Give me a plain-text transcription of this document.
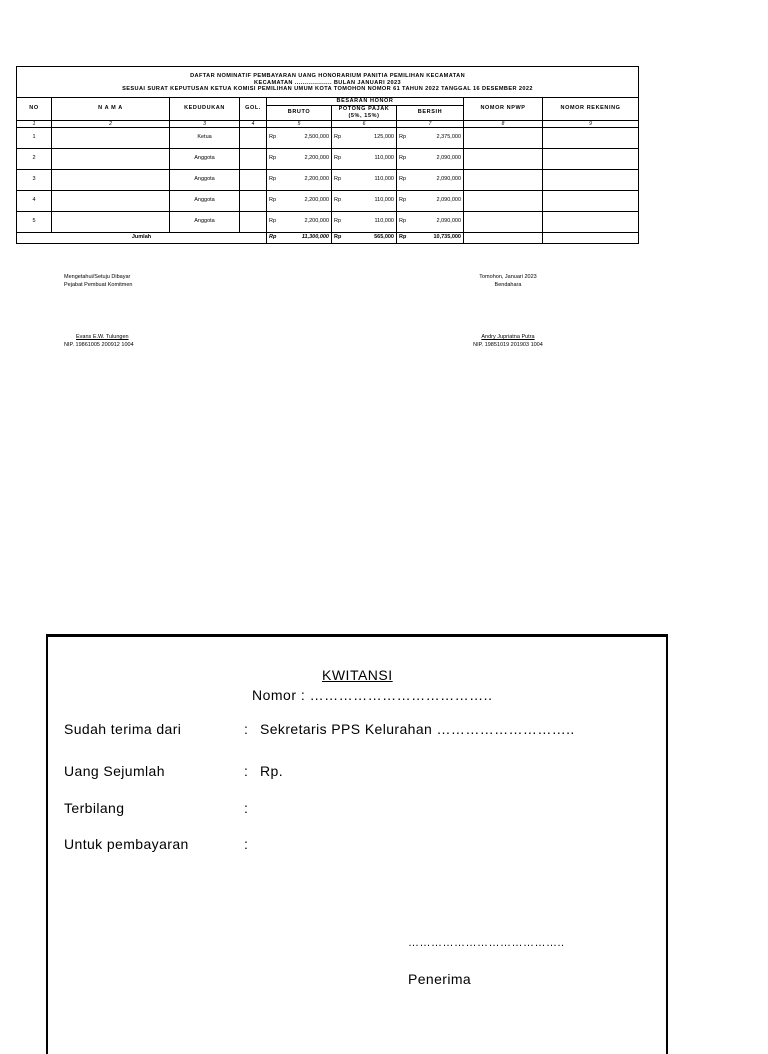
DAFTAR NOMINATIF PEMBAYARAN UANG HONORARIUM PANITIA PEMILIHAN KECAMATAN
KECAMATAN ................... BULAN JANUARI 2023
SESUAI SURAT KEPUTUSAN KETUA KOMISI PEMILIHAN UMUM KOTA TOMOHON NOMOR 61 TAHUN 2022 TANGGAL 16 DESEMBER 2022								

NO	N A M A	KEDUDUKAN	GOL.	BESARAN HONOR			NOMOR NPWP	NOMOR REKENING
				BRUTO	POTONG PAJAK (5%, 15%)	BERSIH		
1	2	3	4	5	6	7	8	9
1		Ketua		Rp 2,500,000	Rp 125,000	Rp 2,375,000		

2		Anggota		Rp 2,200,000	Rp 110,000	Rp 2,090,000		

3		Anggota		Rp 2,200,000	Rp 110,000	Rp 2,090,000		

4		Anggota		Rp 2,200,000	Rp 110,000	Rp 2,090,000		

5		Anggota		Rp 2,200,000	Rp 110,000	Rp 2,090,000		

Jumlah				Rp 11,300,000	Rp 565,000	Rp 10,735,000		

Mengetahui/Setuju Dibayar
Pejabat Pembuat Komitmen
Evans E.W. Tulungen
NIP. 19861005 200912 1004
Tomohon, Januari 2023
Bendahara
Andry Jupriatna Putra
NIP. 19851019 201903 1004
KWITANSI
Nomor : ………………………………..
Sudah terima dari	: Sekretaris PPS Kelurahan ………………………..
Uang Sejumlah	: Rp.
Terbilang	:
Untuk pembayaran	:
…………………………………..
Penerima
